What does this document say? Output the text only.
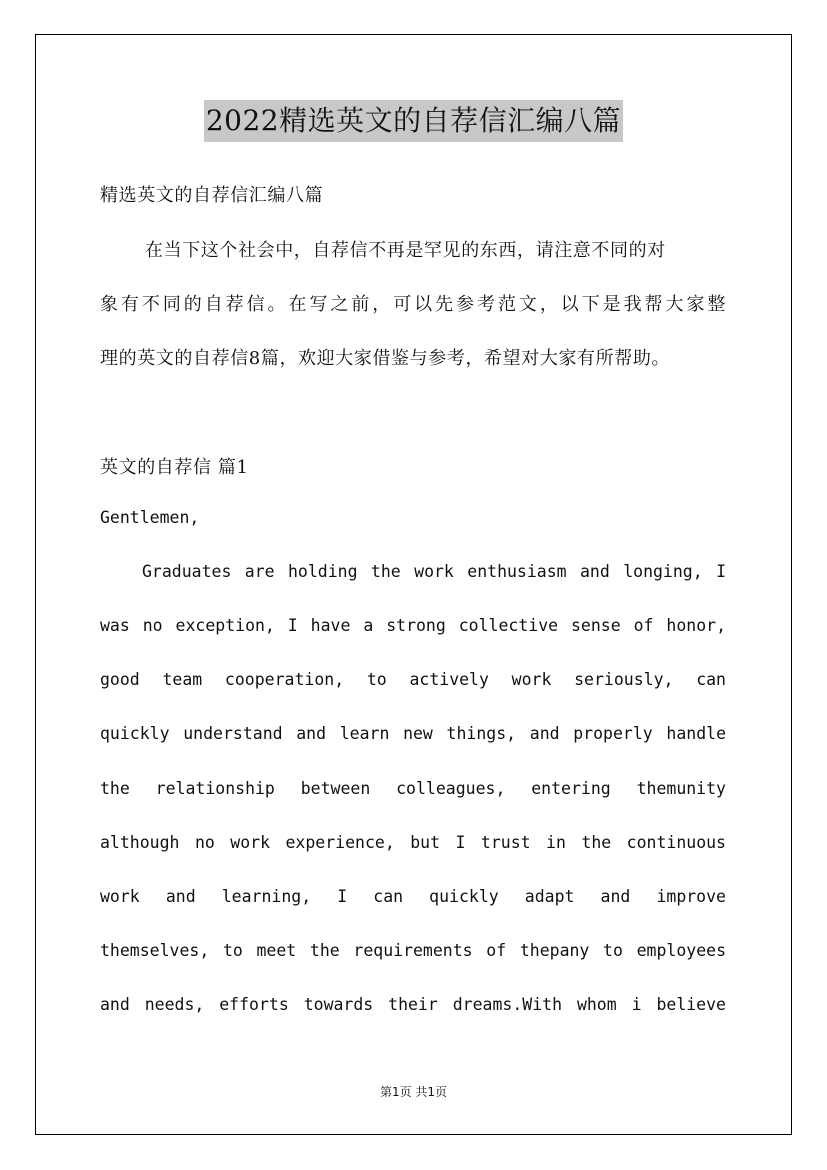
2022精选英文的自荐信汇编八篇
精选英文的自荐信汇编八篇
在当下这个社会中，自荐信不再是罕见的东西，请注意不同的对
象有不同的自荐信。在写之前，可以先参考范文，以下是我帮大家整
理的英文的自荐信8篇，欢迎大家借鉴与参考，希望对大家有所帮助。
英文的自荐信 篇1
Gentlemen,
Graduates are holding the work enthusiasm and longing, I
was no exception, I have a strong collective sense of honor,
good team cooperation, to actively work seriously, can
quickly understand and learn new things, and properly handle
the relationship between colleagues, entering themunity
although no work experience, but I trust in the continuous
work and learning, I can quickly adapt and improve
themselves, to meet the requirements of thepany to employees
and needs, efforts towards their dreams.With whom i believe
第1页 共1页
